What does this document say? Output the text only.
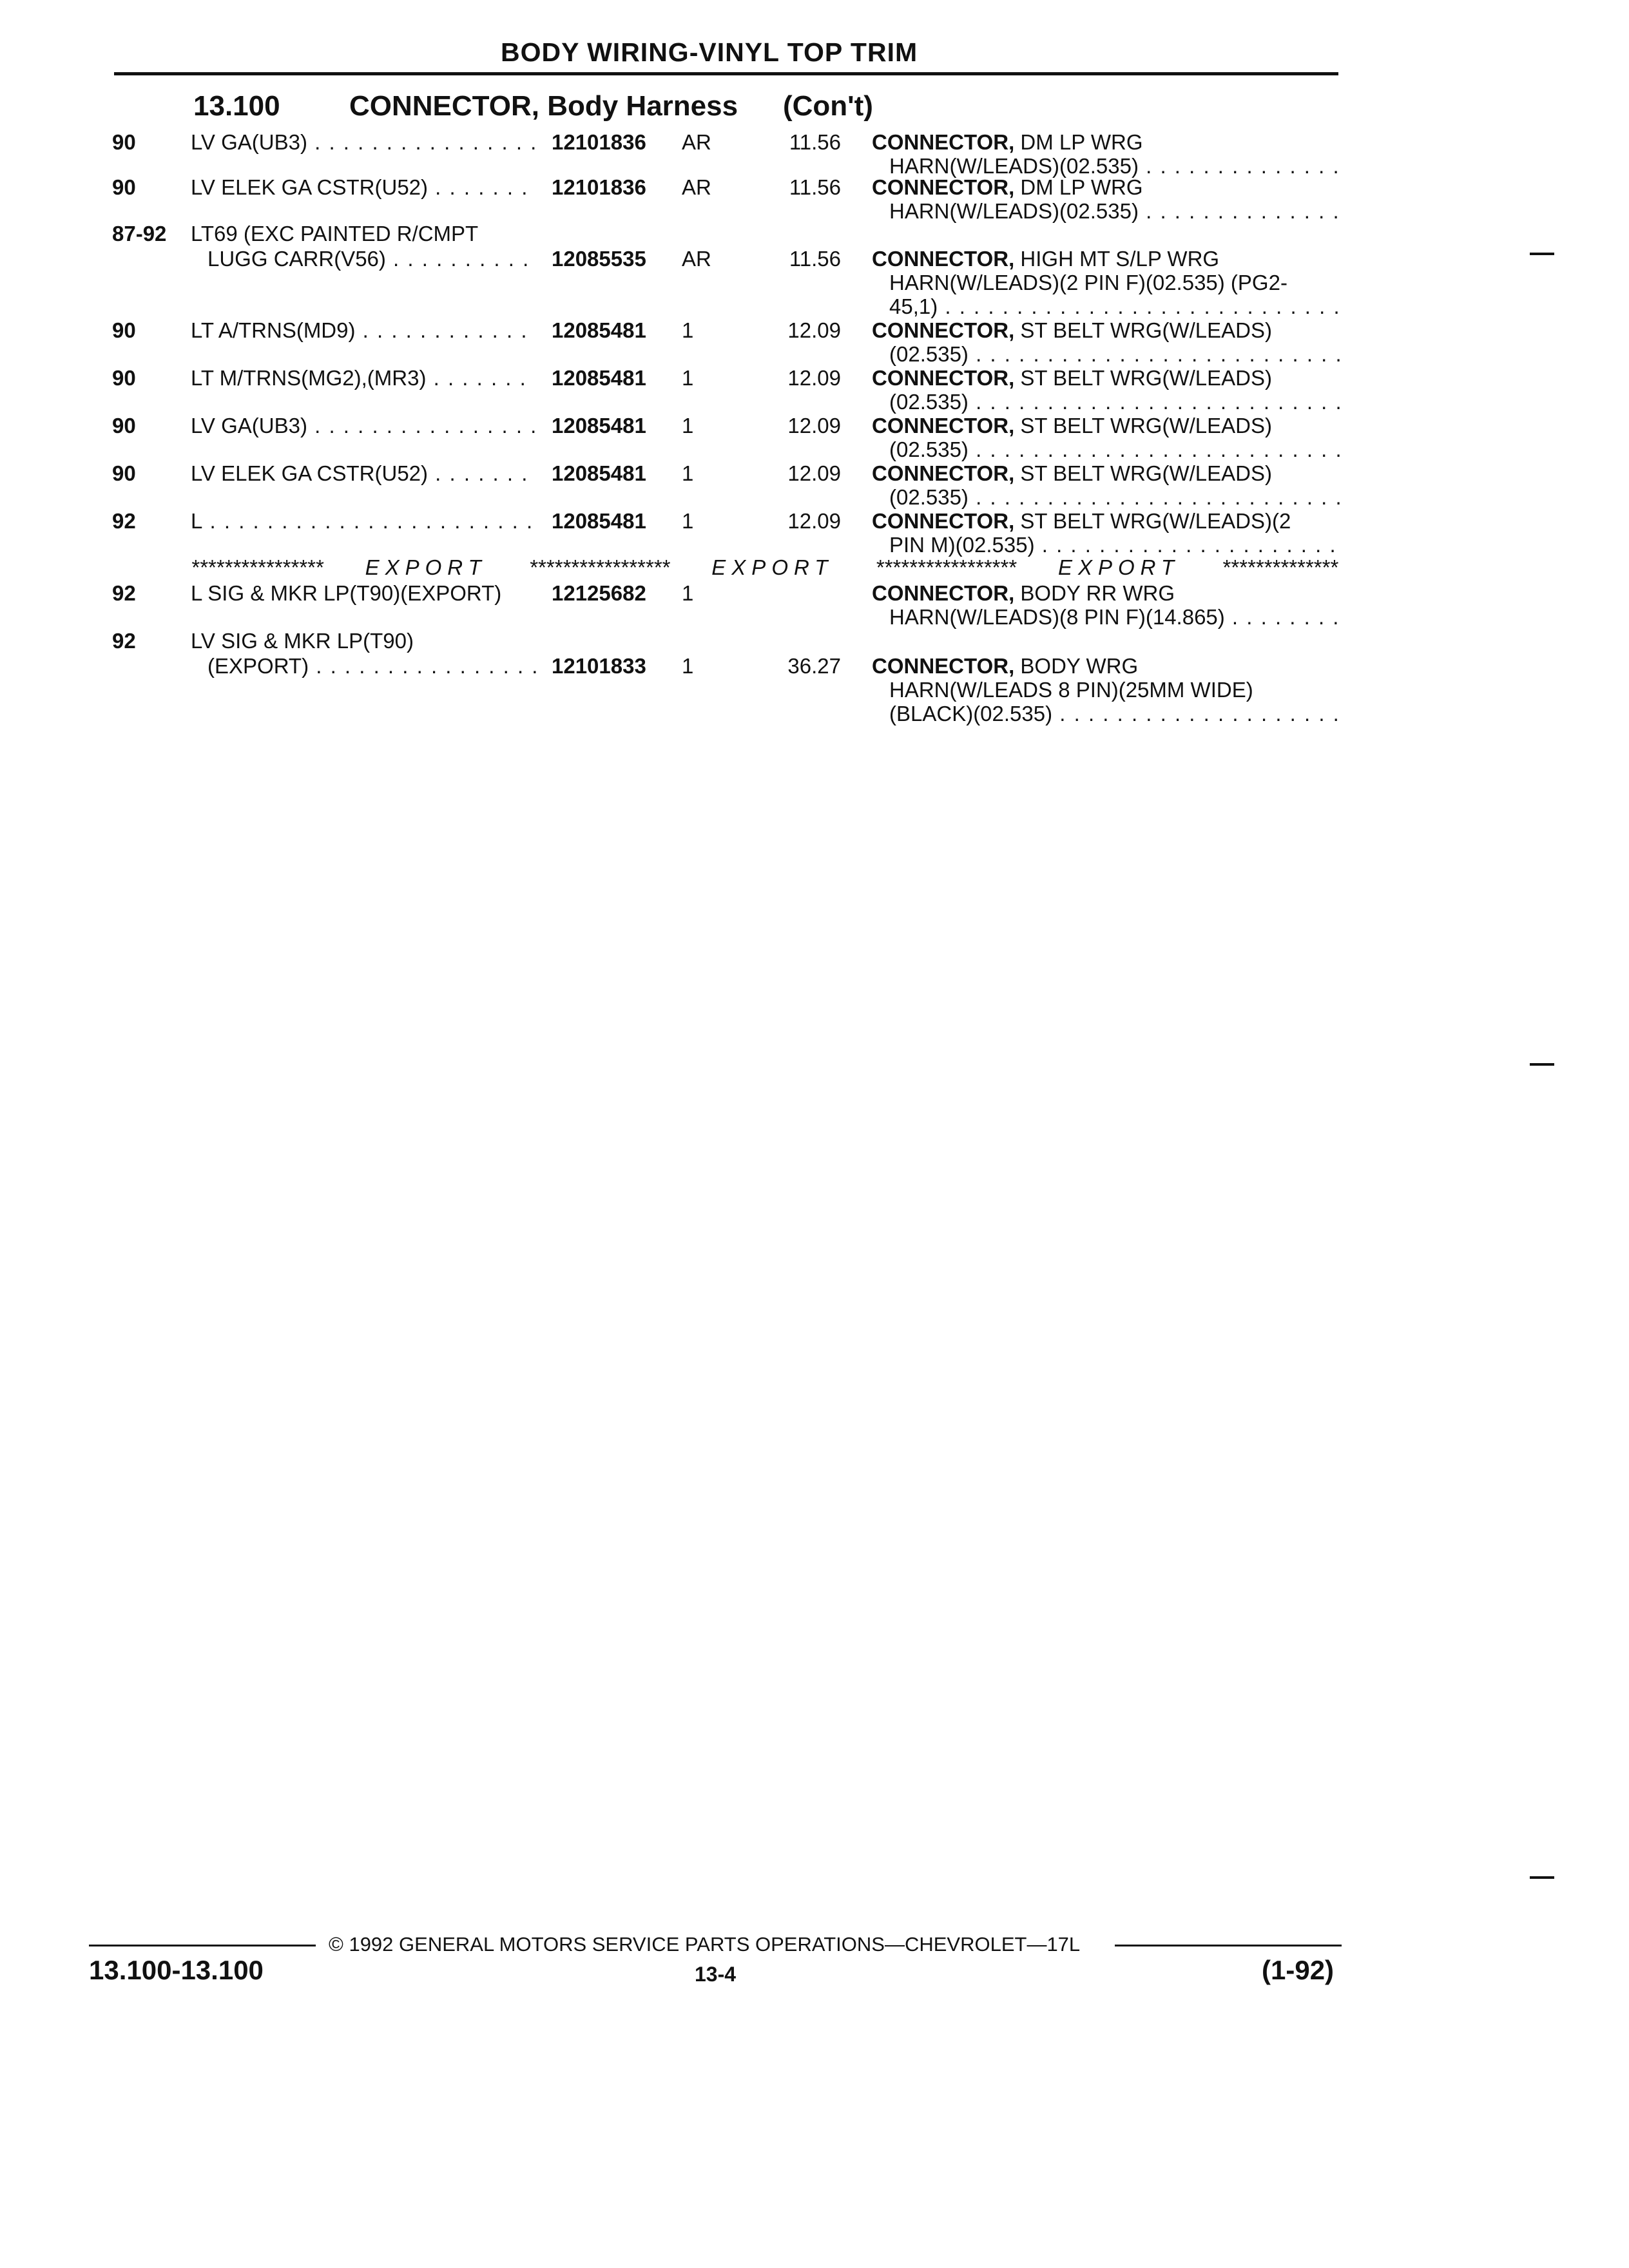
BODY WIRING-VINYL TOP TRIM
13.100 CONNECTOR, Body Harness (Con't)
90	LV GA(UB3) . . .	12101836 AR	11.56 CONNECTOR, DM LP WRG
HARN(W/LEADS)(02.535) . . .
90	LV ELEK GA CSTR(U52) . . .	12101836 AR	11.56 CONNECTOR, DM LP WRG
HARN(W/LEADS)(02.535) . . .
87-92 LT69 (EXC PAINTED R/CMPT
LUGG CARR(V56) . . .	12085535 AR	11.56 CONNECTOR, HIGH MT S/LP WRG
HARN(W/LEADS)(2 PIN F)(02.535) (PG2-
45,1) . . .
90	LT A/TRNS(MD9) . . .	12085481 1	12.09 CONNECTOR, ST BELT WRG(W/LEADS)
(02.535) . . .
90	LT M/TRNS(MG2),(MR3) . . .	12085481 1	12.09 CONNECTOR, ST BELT WRG(W/LEADS)
(02.535) . . .
90	LV GA(UB3) . . .	12085481 1	12.09 CONNECTOR, ST BELT WRG(W/LEADS)
(02.535) . . .
90	LV ELEK GA CSTR(U52) . . .	12085481 1	12.09 CONNECTOR, ST BELT WRG(W/LEADS)
(02.535) . . .
92	L . . .	12085481 1	12.09 CONNECTOR, ST BELT WRG(W/LEADS)(2
PIN M)(02.535) . . .
**************** EXPORT ***************** EXPORT ***************** EXPORT **************
92	L SIG & MKR LP(T90)(EXPORT)	12125682 1	CONNECTOR, BODY RR WRG
HARN(W/LEADS)(8 PIN F)(14.865) . . .
92	LV SIG & MKR LP(T90)
(EXPORT) . . .	12101833 1	36.27 CONNECTOR, BODY WRG
HARN(W/LEADS 8 PIN)(25MM WIDE)
(BLACK)(02.535) . . .
© 1992 GENERAL MOTORS SERVICE PARTS OPERATIONS—CHEVROLET—17L
13.100-13.100	13-4	(1-92)
